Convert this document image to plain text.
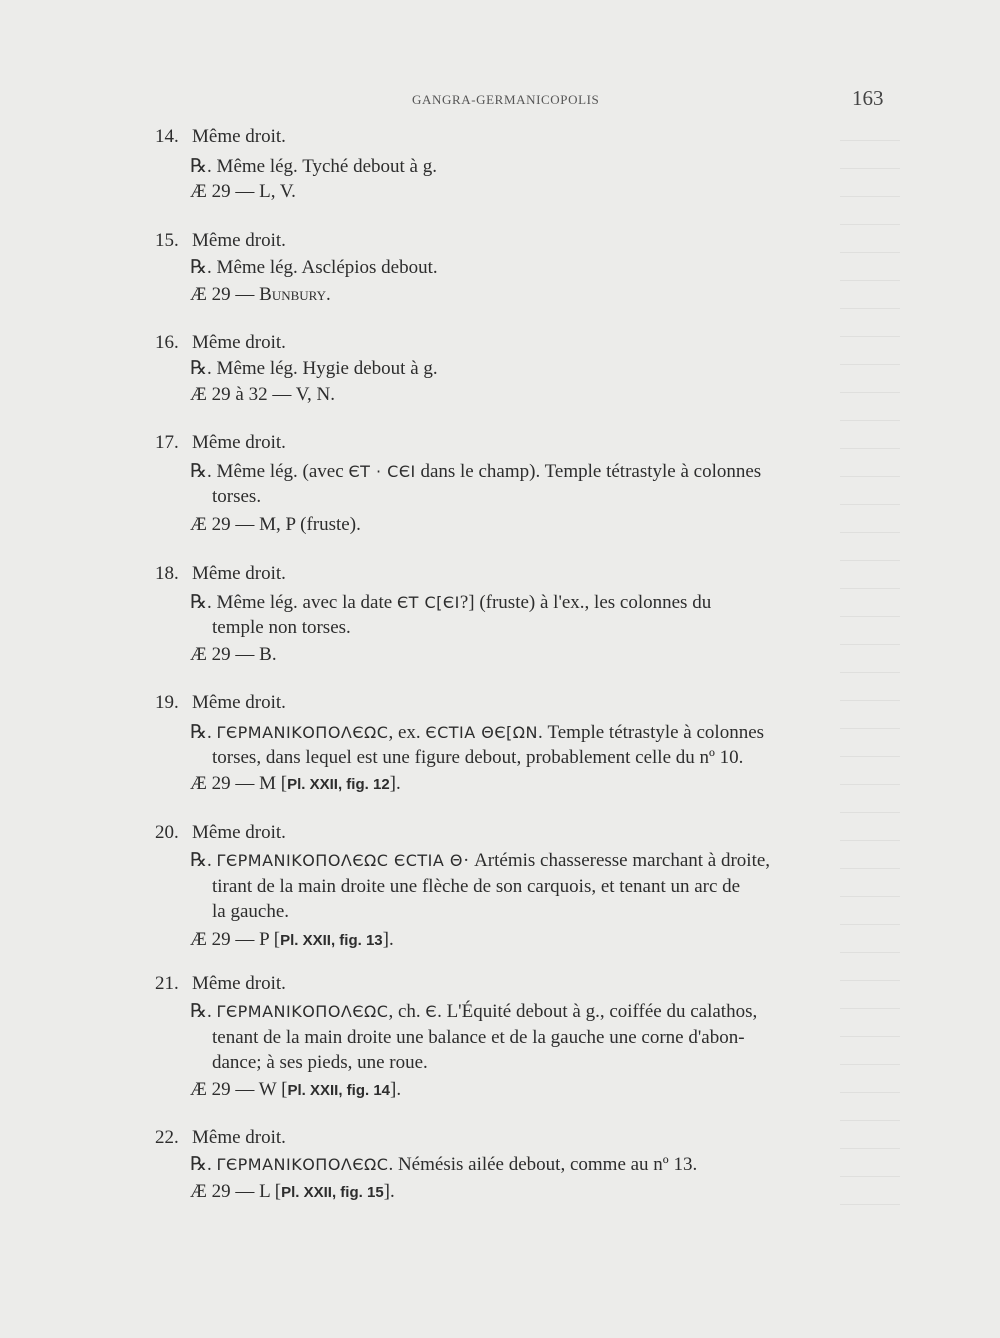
GANGRA-GERMANICOPOLIS	163
14. Même droit.
℞. Même lég. Tyché debout à g.
Æ 29 — L, V.
15. Même droit.
℞. Même lég. Asclépios debout.
Æ 29 — Bunbury.
16. Même droit.
℞. Même lég. Hygie debout à g.
Æ 29 à 32 — V, N.
17. Même droit.
℞. Même lég. (avec ЄT · CЄI dans le champ). Temple tétrastyle à colonnes
torses.
Æ 29 — M, P (fruste).
18. Même droit.
℞. Même lég. avec la date ЄT C[ЄI?] (fruste) à l'ex., les colonnes du
temple non torses.
Æ 29 — B.
19. Même droit.
℞. ΓЄΡΜΑΝΙΚΟΠΟΛЄΩC, ex. ЄCΤΙΑ ΘЄ[ΩΝ. Temple tétrastyle à colonnes
torses, dans lequel est une figure debout, probablement celle du nº 10.
Æ 29 — M [Pl. XXII, fig. 12].
20. Même droit.
℞. ΓЄΡΜΑΝΙΚΟΠΟΛЄΩC ЄCΤΙΑ Θ· Artémis chasseresse marchant à droite,
tirant de la main droite une flèche de son carquois, et tenant un arc de
la gauche.
Æ 29 — P [Pl. XXII, fig. 13].
21. Même droit.
℞. ΓЄΡΜΑΝΙΚΟΠΟΛЄΩC, ch. Є. L'Équité debout à g., coiffée du calathos,
tenant de la main droite une balance et de la gauche une corne d'abon-
dance; à ses pieds, une roue.
Æ 29 — W [Pl. XXII, fig. 14].
22. Même droit.
℞. ΓЄΡΜΑΝΙΚΟΠΟΛЄΩC. Némésis ailée debout, comme au nº 13.
Æ 29 — L [Pl. XXII, fig. 15].
